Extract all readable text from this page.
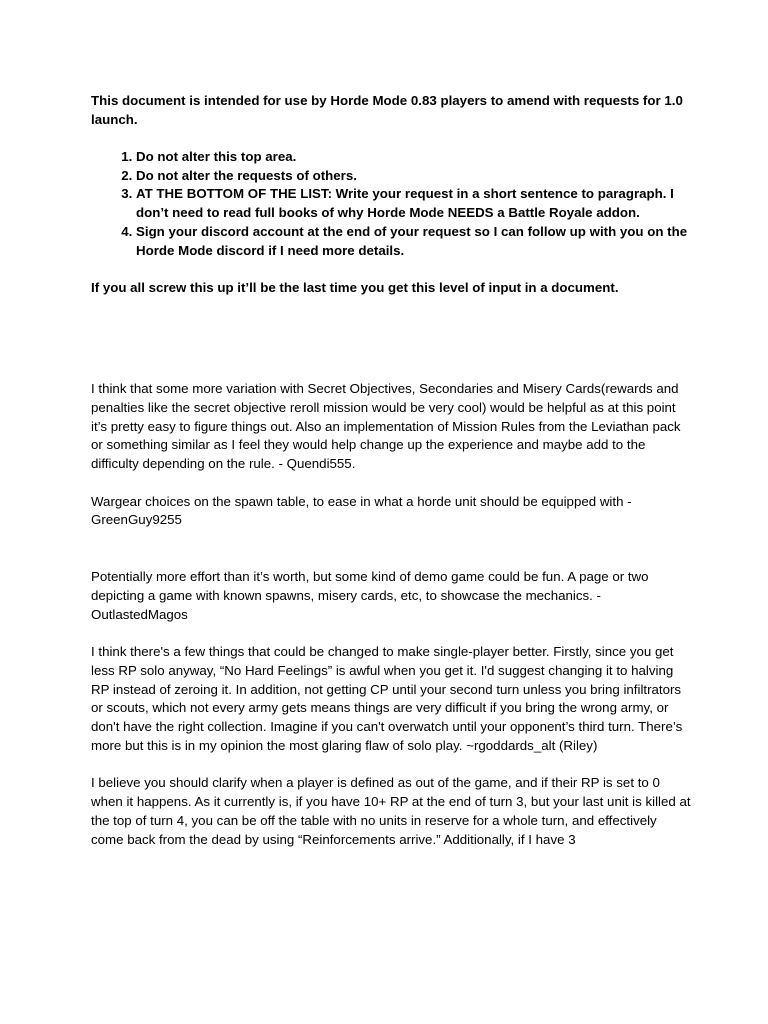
This document is intended for use by Horde Mode 0.83 players to amend with requests for 1.0 launch.

1. Do not alter this top area.
2. Do not alter the requests of others.
3. AT THE BOTTOM OF THE LIST: Write your request in a short sentence to paragraph. I don’t need to read full books of why Horde Mode NEEDS a Battle Royale addon.
4. Sign your discord account at the end of your request so I can follow up with you on the Horde Mode discord if I need more details.

If you all screw this up it’ll be the last time you get this level of input in a document.

I think that some more variation with Secret Objectives, Secondaries and Misery Cards(rewards and penalties like the secret objective reroll mission would be very cool) would be helpful as at this point it’s pretty easy to figure things out. Also an implementation of Mission Rules from the Leviathan pack or something similar as I feel they would help change up the experience and maybe add to the difficulty depending on the rule. - Quendi555.

Wargear choices on the spawn table, to ease in what a horde unit should be equipped with - GreenGuy9255

Potentially more effort than it’s worth, but some kind of demo game could be fun. A page or two depicting a game with known spawns, misery cards, etc, to showcase the mechanics. - OutlastedMagos

I think there's a few things that could be changed to make single-player better. Firstly, since you get less RP solo anyway, “No Hard Feelings” is awful when you get it. I'd suggest changing it to halving RP instead of zeroing it. In addition, not getting CP until your second turn unless you bring infiltrators or scouts, which not every army gets means things are very difficult if you bring the wrong army, or don't have the right collection. Imagine if you can't overwatch until your opponent’s third turn. There’s more but this is in my opinion the most glaring flaw of solo play. ~rgoddards_alt (Riley)

I believe you should clarify when a player is defined as out of the game, and if their RP is set to 0 when it happens. As it currently is, if you have 10+ RP at the end of turn 3, but your last unit is killed at the top of turn 4, you can be off the table with no units in reserve for a whole turn, and effectively come back from the dead by using “Reinforcements arrive.” Additionally, if I have 3
